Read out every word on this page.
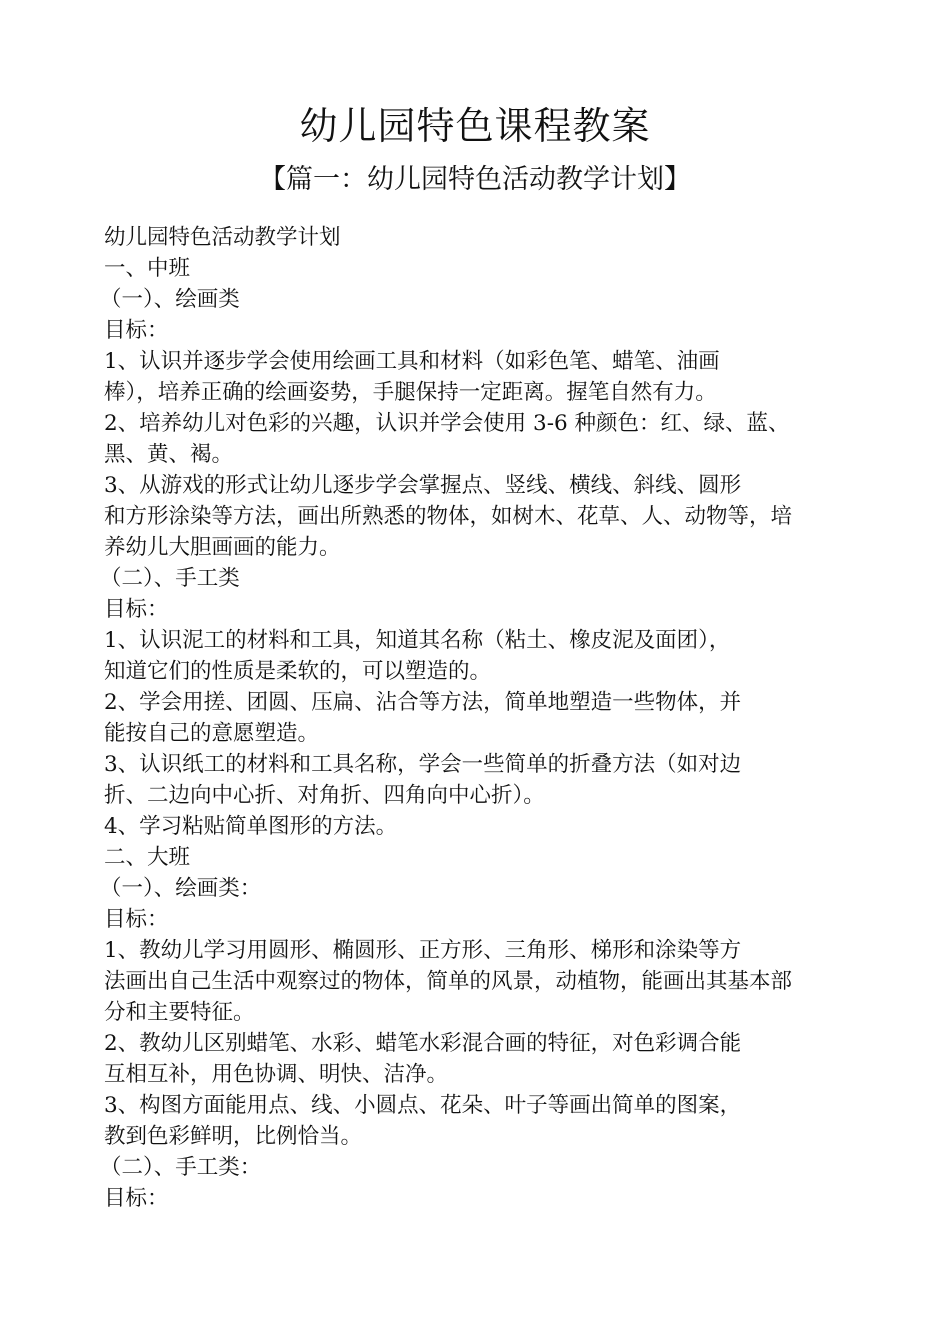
幼儿园特色课程教案
【篇一：幼儿园特色活动教学计划】
幼儿园特色活动教学计划
一、中班
（一）、绘画类
目标：
1、认识并逐步学会使用绘画工具和材料（如彩色笔、蜡笔、油画
棒），培养正确的绘画姿势，手腿保持一定距离。握笔自然有力。
2、培养幼儿对色彩的兴趣，认识并学会使用 3-6 种颜色：红、绿、蓝、
黑、黄、褐。
3、从游戏的形式让幼儿逐步学会掌握点、竖线、横线、斜线、圆形
和方形涂染等方法，画出所熟悉的物体，如树木、花草、人、动物等，培
养幼儿大胆画画的能力。
（二）、手工类
目标：
1、认识泥工的材料和工具，知道其名称（粘土、橡皮泥及面团），
知道它们的性质是柔软的，可以塑造的。
2、学会用搓、团圆、压扁、沾合等方法，简单地塑造一些物体，并
能按自己的意愿塑造。
3、认识纸工的材料和工具名称，学会一些简单的折叠方法（如对边
折、二边向中心折、对角折、四角向中心折）。
4、学习粘贴简单图形的方法。
二、大班
（一）、绘画类：
目标：
1、教幼儿学习用圆形、椭圆形、正方形、三角形、梯形和涂染等方
法画出自己生活中观察过的物体，简单的风景，动植物，能画出其基本部
分和主要特征。
2、教幼儿区别蜡笔、水彩、蜡笔水彩混合画的特征，对色彩调合能
互相互补，用色协调、明快、洁净。
3、构图方面能用点、线、小圆点、花朵、叶子等画出简单的图案，
教到色彩鲜明，比例恰当。
（二）、手工类：
目标：
